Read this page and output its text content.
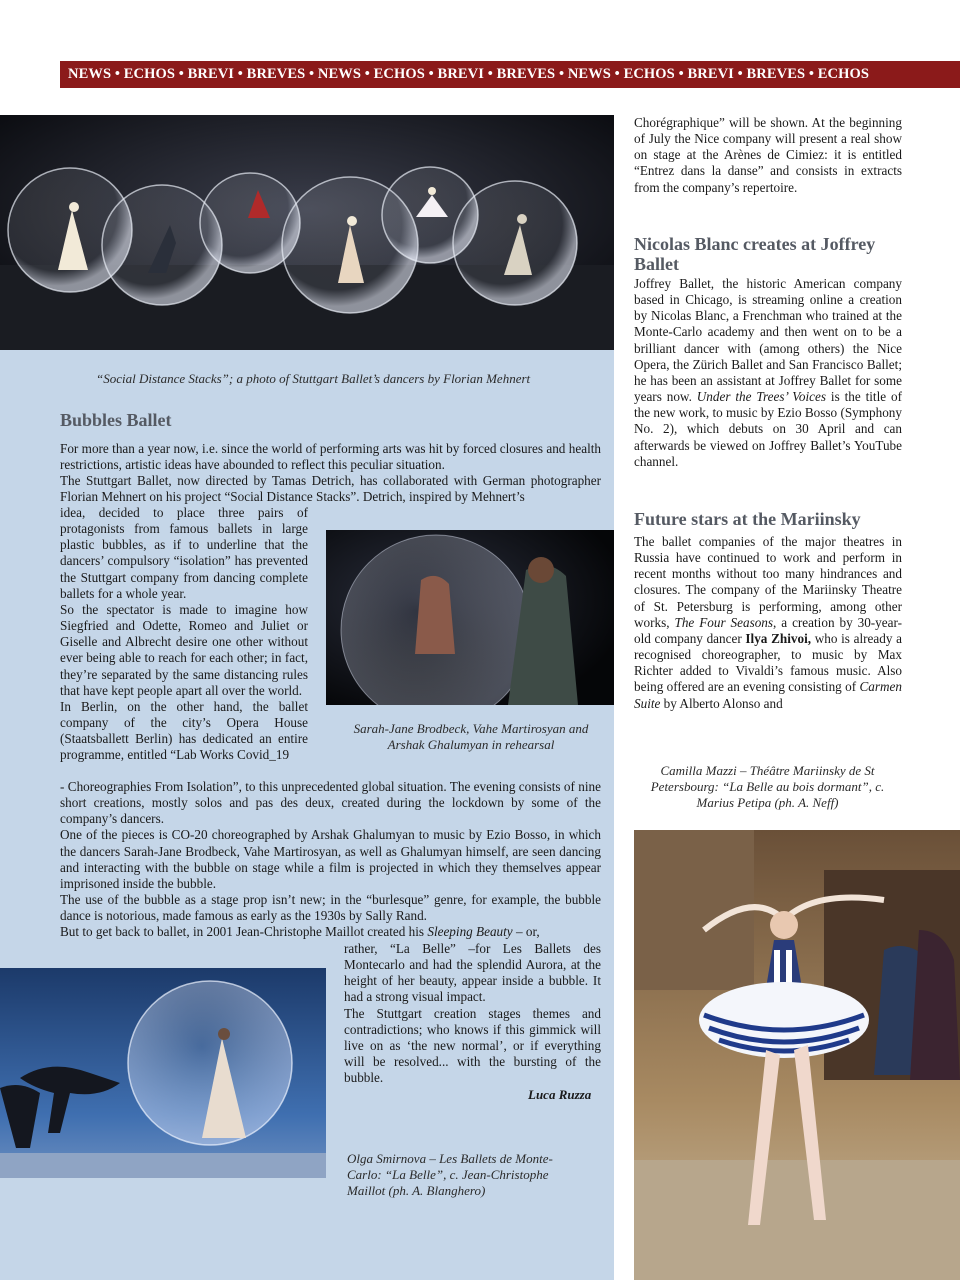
NEWS • ECHOS • BREVI • BREVES • NEWS • ECHOS • BREVI • BREVES • NEWS • ECHOS • BREVI • BREVES • ECHOS
“Social Distance Stacks”; a photo of Stuttgart Ballet’s dancers by Florian Mehnert
Bubbles Ballet

For more than a year now, i.e. since the world of performing arts was hit by forced closures and health restrictions, artistic ideas have abounded to reflect this peculiar situation.

The Stuttgart Ballet, now directed by Tamas Detrich, has collaborated with German photographer Florian Mehnert on his project “Social Distance Stacks”. Detrich, inspired by Mehnert’s

idea, decided to place three pairs of protagonists from famous ballets in large plastic bubbles, as if to underline that the dancers’ compulsory “isolation” has prevented the Stuttgart company from dancing complete ballets for a whole year.

So the spectator is made to imagine how Siegfried and Odette, Romeo and Juliet or Giselle and Albrecht desire one other without ever being able to reach for each other; in fact, they’re separated by the same distancing rules that have kept people apart all over the world.

In Berlin, on the other hand, the ballet company of the city’s Opera House (Staatsballett Berlin) has dedicated an entire programme, entitled “Lab Works Covid_19

Sarah-Jane Brodbeck, Vahe Martirosyan and Arshak Ghalumyan in rehearsal

- Choreographies From Isolation”, to this unprecedented global situation. The evening consists of nine short creations, mostly solos and pas des deux, created during the lockdown by some of the company’s dancers.

One of the pieces is CO-20 choreographed by Arshak Ghalumyan to music by Ezio Bosso, in which the dancers Sarah-Jane Brodbeck, Vahe Martirosyan, as well as Ghalumyan himself, are seen dancing and interacting with the bubble on stage while a film is projected in which they themselves appear imprisoned inside the bubble.

The use of the bubble as a stage prop isn’t new; in the “burlesque” genre, for example, the bubble dance is notorious, made famous as early as the 1930s by Sally Rand.

But to get back to ballet, in 2001 Jean-Christophe Maillot created his Sleeping Beauty – or,

rather, “La Belle” –for Les Ballets des Montecarlo and had the splendid Aurora, at the height of her beauty, appear inside a bubble. It had a strong visual impact.

The Stuttgart creation stages themes and contradictions; who knows if this gimmick will live on as ‘the new normal’, or if everything will be resolved... with the bursting of the bubble.

Luca Ruzza
Olga Smirnova – Les Ballets de Monte-Carlo: “La Belle”, c. Jean-Christophe Maillot (ph. A. Blanghero)

Chorégraphique” will be shown. At the beginning of July the Nice company will present a real show on stage at the Arènes de Cimiez: it is entitled “Entrez dans la danse” and consists in extracts from the company’s repertoire.

Nicolas Blanc creates at Joffrey Ballet

Joffrey Ballet, the historic American company based in Chicago, is streaming online a creation by Nicolas Blanc, a Frenchman who trained at the Monte-Carlo academy and then went on to be a brilliant dancer with (among others) the Nice Opera, the Zürich Ballet and San Francisco Ballet; he has been an assistant at Joffrey Ballet for some years now. Under the Trees’ Voices is the title of the new work, to music by Ezio Bosso (Symphony No. 2), which debuts on 30 April and can afterwards be viewed on Joffrey Ballet’s YouTube channel.

Future stars at the Mariinsky

The ballet companies of the major theatres in Russia have continued to work and perform in recent months without too many hindrances and closures. The company of the Mariinsky Theatre of St. Petersburg is performing, among other works, The Four Seasons, a creation by 30-year-old company dancer Ilya Zhivoi, who is already a recognised choreographer, to music by Max Richter added to Vivaldi’s famous music. Also being offered are an evening consisting of Carmen Suite by Alberto Alonso and

Camilla Mazzi – Théâtre Mariinsky de St Petersbourg: “La Belle au bois dormant”, c. Marius Petipa (ph. A. Neff)
